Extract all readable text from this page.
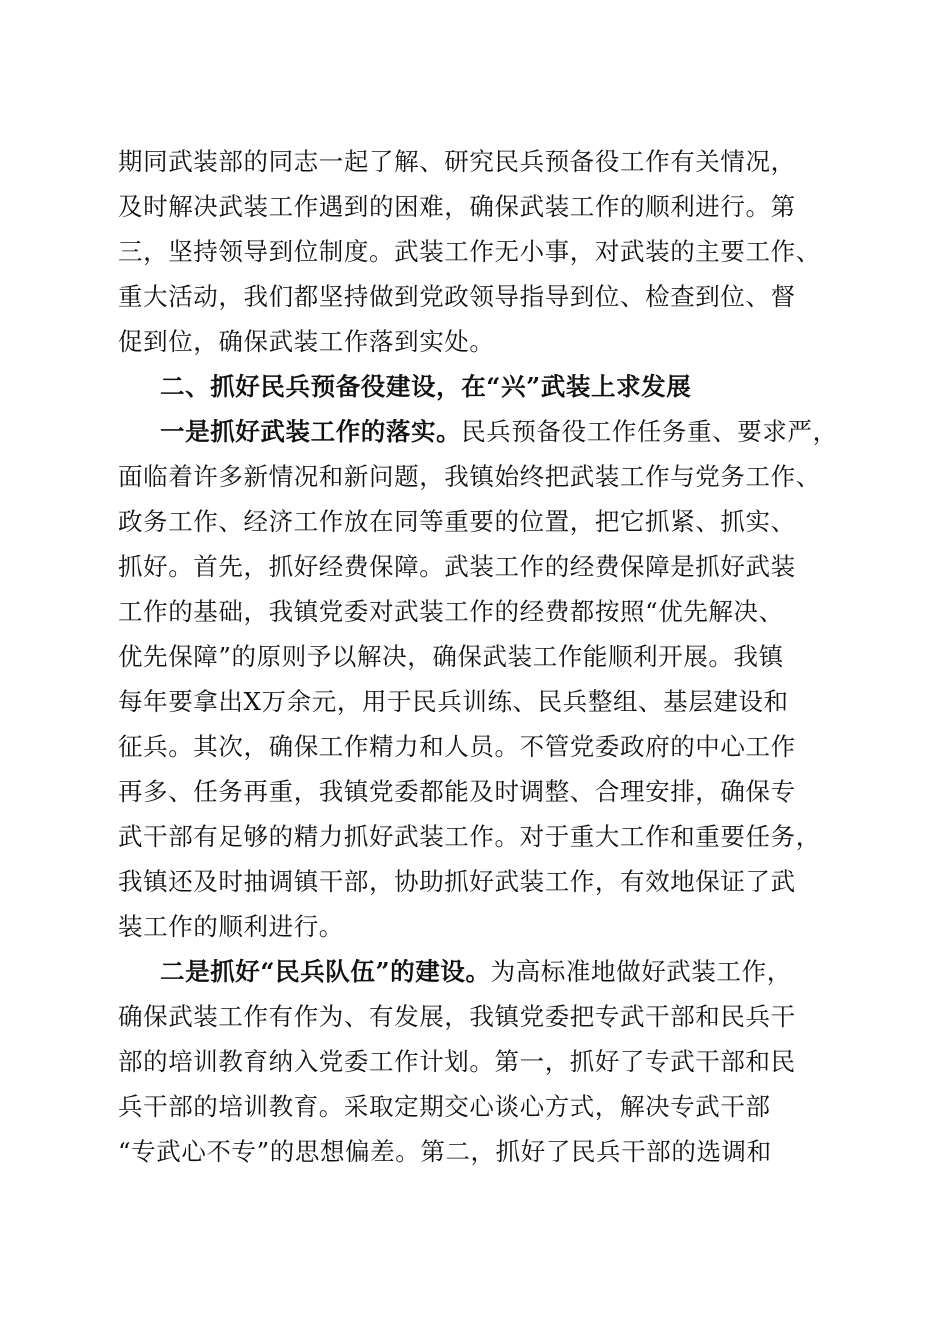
期同武装部的同志一起了解、研究民兵预备役工作有关情况，
及时解决武装工作遇到的困难，确保武装工作的顺利进行。第
三，坚持领导到位制度。武装工作无小事，对武装的主要工作、
重大活动，我们都坚持做到党政领导指导到位、检查到位、督
促到位，确保武装工作落到实处。
二、抓好民兵预备役建设，在“兴”武装上求发展
一是抓好武装工作的落实。民兵预备役工作任务重、要求严，
面临着许多新情况和新问题，我镇始终把武装工作与党务工作、
政务工作、经济工作放在同等重要的位置，把它抓紧、抓实、
抓好。首先，抓好经费保障。武装工作的经费保障是抓好武装
工作的基础，我镇党委对武装工作的经费都按照“优先解决、
优先保障”的原则予以解决，确保武装工作能顺利开展。我镇
每年要拿出X万余元，用于民兵训练、民兵整组、基层建设和
征兵。其次，确保工作精力和人员。不管党委政府的中心工作
再多、任务再重，我镇党委都能及时调整、合理安排，确保专
武干部有足够的精力抓好武装工作。对于重大工作和重要任务，
我镇还及时抽调镇干部，协助抓好武装工作，有效地保证了武
装工作的顺利进行。
二是抓好“民兵队伍”的建设。为高标准地做好武装工作，
确保武装工作有作为、有发展，我镇党委把专武干部和民兵干
部的培训教育纳入党委工作计划。第一，抓好了专武干部和民
兵干部的培训教育。采取定期交心谈心方式，解决专武干部
“专武心不专”的思想偏差。第二，抓好了民兵干部的选调和
